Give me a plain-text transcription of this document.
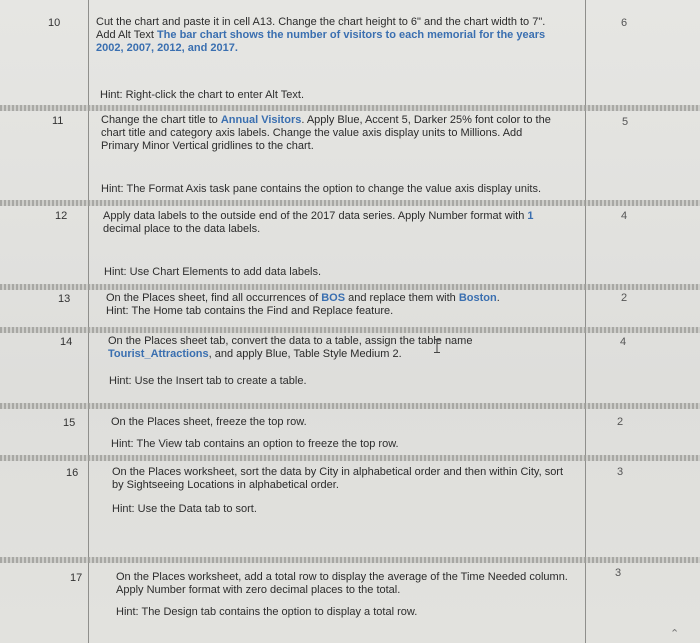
10	Cut the chart and paste it in cell A13. Change the chart height to 6" and the chart width to 7".
Add Alt Text The bar chart shows the number of visitors to each memorial for the years
2002, 2007, 2012, and 2017.
Hint: Right-click the chart to enter Alt Text.
6
11	Change the chart title to Annual Visitors. Apply Blue, Accent 5, Darker 25% font color to the
chart title and category axis labels. Change the value axis display units to Millions. Add
Primary Minor Vertical gridlines to the chart.
Hint: The Format Axis task pane contains the option to change the value axis display units.
5
12	Apply data labels to the outside end of the 2017 data series. Apply Number format with 1
decimal place to the data labels.
Hint: Use Chart Elements to add data labels.
4
13	On the Places sheet, find all occurrences of BOS and replace them with Boston.
Hint: The Home tab contains the Find and Replace feature.
2
14	On the Places sheet tab, convert the data to a table, assign the table name
Tourist_Attractions, and apply Blue, Table Style Medium 2.
Hint: Use the Insert tab to create a table.
4
15	On the Places sheet, freeze the top row.
Hint: The View tab contains an option to freeze the top row.
2
16	On the Places worksheet, sort the data by City in alphabetical order and then within City, sort
by Sightseeing Locations in alphabetical order.
Hint: Use the Data tab to sort.
3
17	On the Places worksheet, add a total row to display the average of the Time Needed column.
Apply Number format with zero decimal places to the total.
Hint: The Design tab contains the option to display a total row.
3
⌃
